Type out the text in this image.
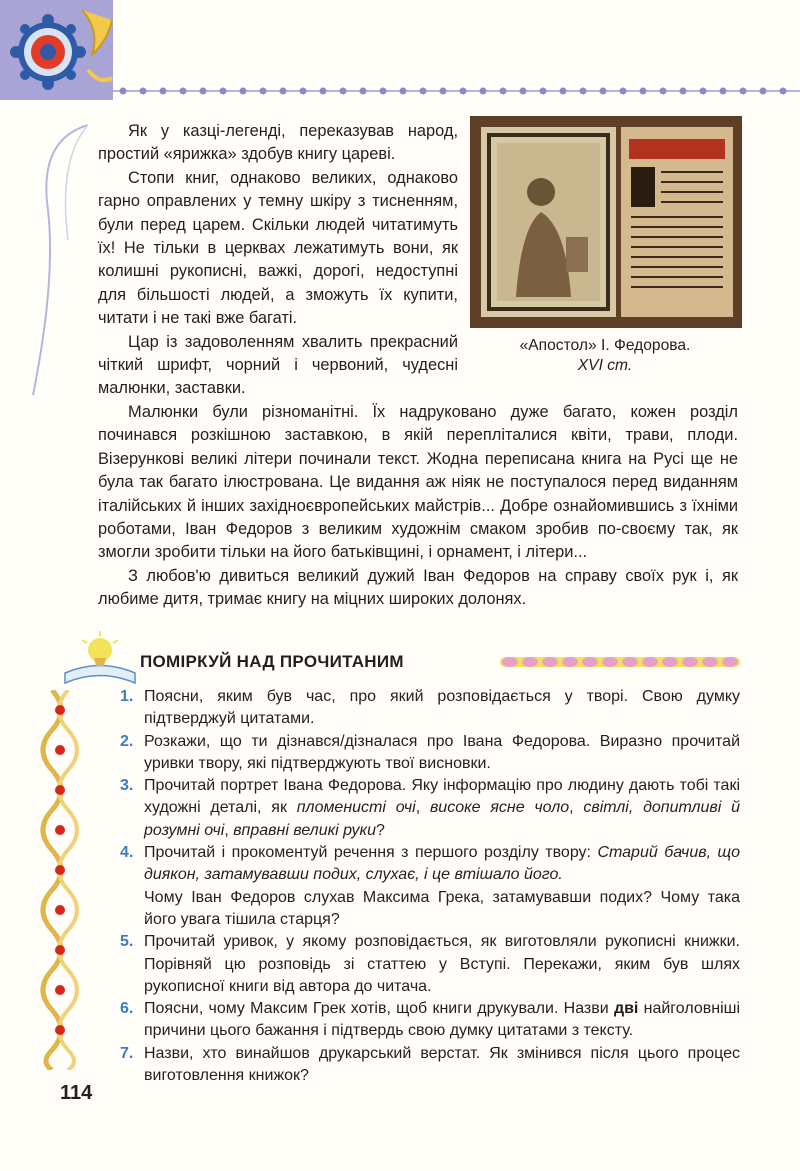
Як у казці-легенді, переказував народ, простий «ярижка» здобув книгу цареві.

Стопи книг, однаково великих, однаково гарно оправлених у темну шкіру з тисненням, були перед царем. Скільки людей читатимуть їх! Не тільки в церквах лежатимуть вони, як колишні рукописні, важкі, дорогі, недоступні для більшості людей, а зможуть їх купити, читати і не такі вже багаті.

Цар із задоволенням хвалить прекрасний чіткий шрифт, чорний і червоний, чудесні малюнки, заставки.

«Апостол» І. Федорова.
XVI ст.

Малюнки були різноманітні. Їх надруковано дуже багато, кожен розділ починався розкішною заставкою, в якій перепліталися квіти, трави, плоди. Візерункові великі літери починали текст. Жодна переписана книга на Русі ще не була так багато ілюстрована. Це видання аж ніяк не поступалося перед виданням італійських й інших західноєвропейських майстрів... Добре ознайомившись з їхніми роботами, Іван Федоров з великим художнім смаком зробив по-своєму так, як змогли зробити тільки на його батьківщині, і орнамент, і літери...

З любов'ю дивиться великий дужий Іван Федоров на справу своїх рук і, як любиме дитя, тримає книгу на міцних широких долонях.

ПОМІРКУЙ НАД ПРОЧИТАНИМ
1. Поясни, яким був час, про який розповідається у творі. Свою думку підтверджуй цитатами.
2. Розкажи, що ти дізнався/дізналася про Івана Федорова. Виразно прочитай уривки твору, які підтверджують твої висновки.
3. Прочитай портрет Івана Федорова. Яку інформацію про людину дають тобі такі художні деталі, як пломенисті очі, високе ясне чоло, світлі, допитливі й розумні очі, вправні великі руки?
4. Прочитай і прокоментуй речення з першого розділу твору: Старий бачив, що диякон, затамувавши подих, слухає, і це втішало його.
Чому Іван Федоров слухав Максима Грека, затамувавши подих? Чому така його увага тішила старця?
5. Прочитай уривок, у якому розповідається, як виготовляли рукописні книжки. Порівняй цю розповідь зі статтею у Вступі. Перекажи, яким був шлях рукописної книги від автора до читача.
6. Поясни, чому Максим Грек хотів, щоб книги друкували. Назви дві найголовніші причини цього бажання і підтвердь свою думку цитатами з тексту.
7. Назви, хто винайшов друкарський верстат. Як змінився після цього процес виготовлення книжок?
114
